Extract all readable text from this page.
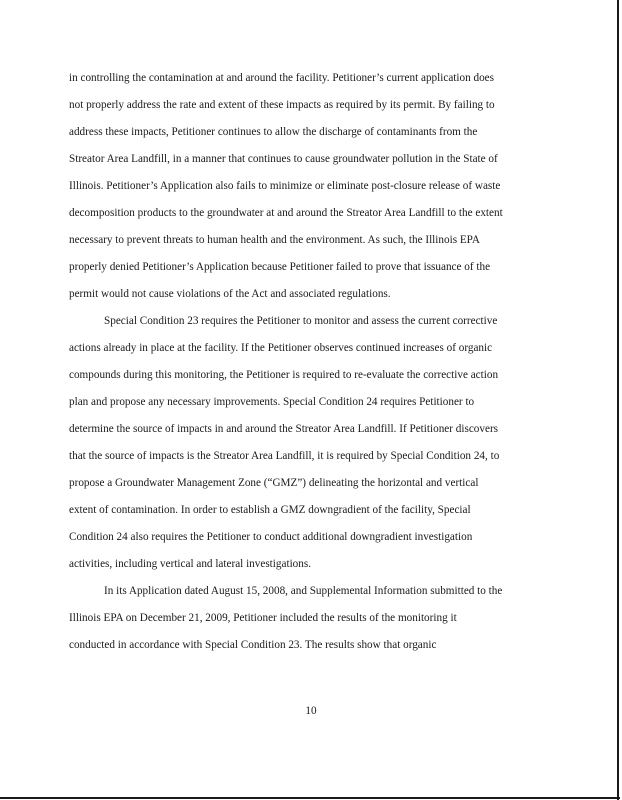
in controlling the contamination at and around the facility. Petitioner’s current application does

not properly address the rate and extent of these impacts as required by its permit. By failing to

address these impacts, Petitioner continues to allow the discharge of contaminants from the

Streator Area Landfill, in a manner that continues to cause groundwater pollution in the State of

Illinois. Petitioner’s Application also fails to minimize or eliminate post-closure release of waste

decomposition products to the groundwater at and around the Streator Area Landfill to the extent

necessary to prevent threats to human health and the environment. As such, the Illinois EPA

properly denied Petitioner’s Application because Petitioner failed to prove that issuance of the

permit would not cause violations of the Act and associated regulations.

Special Condition 23 requires the Petitioner to monitor and assess the current corrective

actions already in place at the facility. If the Petitioner observes continued increases of organic

compounds during this monitoring, the Petitioner is required to re-evaluate the corrective action

plan and propose any necessary improvements. Special Condition 24 requires Petitioner to

determine the source of impacts in and around the Streator Area Landfill. If Petitioner discovers

that the source of impacts is the Streator Area Landfill, it is required by Special Condition 24, to

propose a Groundwater Management Zone (“GMZ”) delineating the horizontal and vertical

extent of contamination. In order to establish a GMZ downgradient of the facility, Special

Condition 24 also requires the Petitioner to conduct additional downgradient investigation

activities, including vertical and lateral investigations.

In its Application dated August 15, 2008, and Supplemental Information submitted to the

Illinois EPA on December 21, 2009, Petitioner included the results of the monitoring it

conducted in accordance with Special Condition 23. The results show that organic

10
